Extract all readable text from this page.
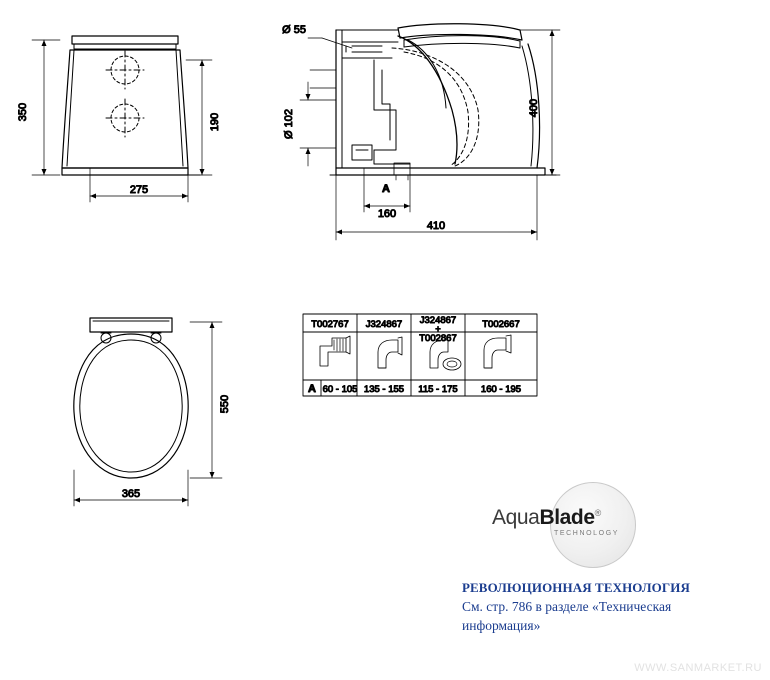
350
190
275
Ø 55
Ø 102
400
160
410
A
550
365
T002767 J324867 J324867
+
T002867
T002667
A 60 - 105 135 - 155 115 - 175 160 - 195
AquaBlade®
TECHNOLOGY
РЕВОЛЮЦИОННАЯ ТЕХНОЛОГИЯ
См. стр. 786 в разделе «Техническая
информация»
WWW.SANMARKET.RU
